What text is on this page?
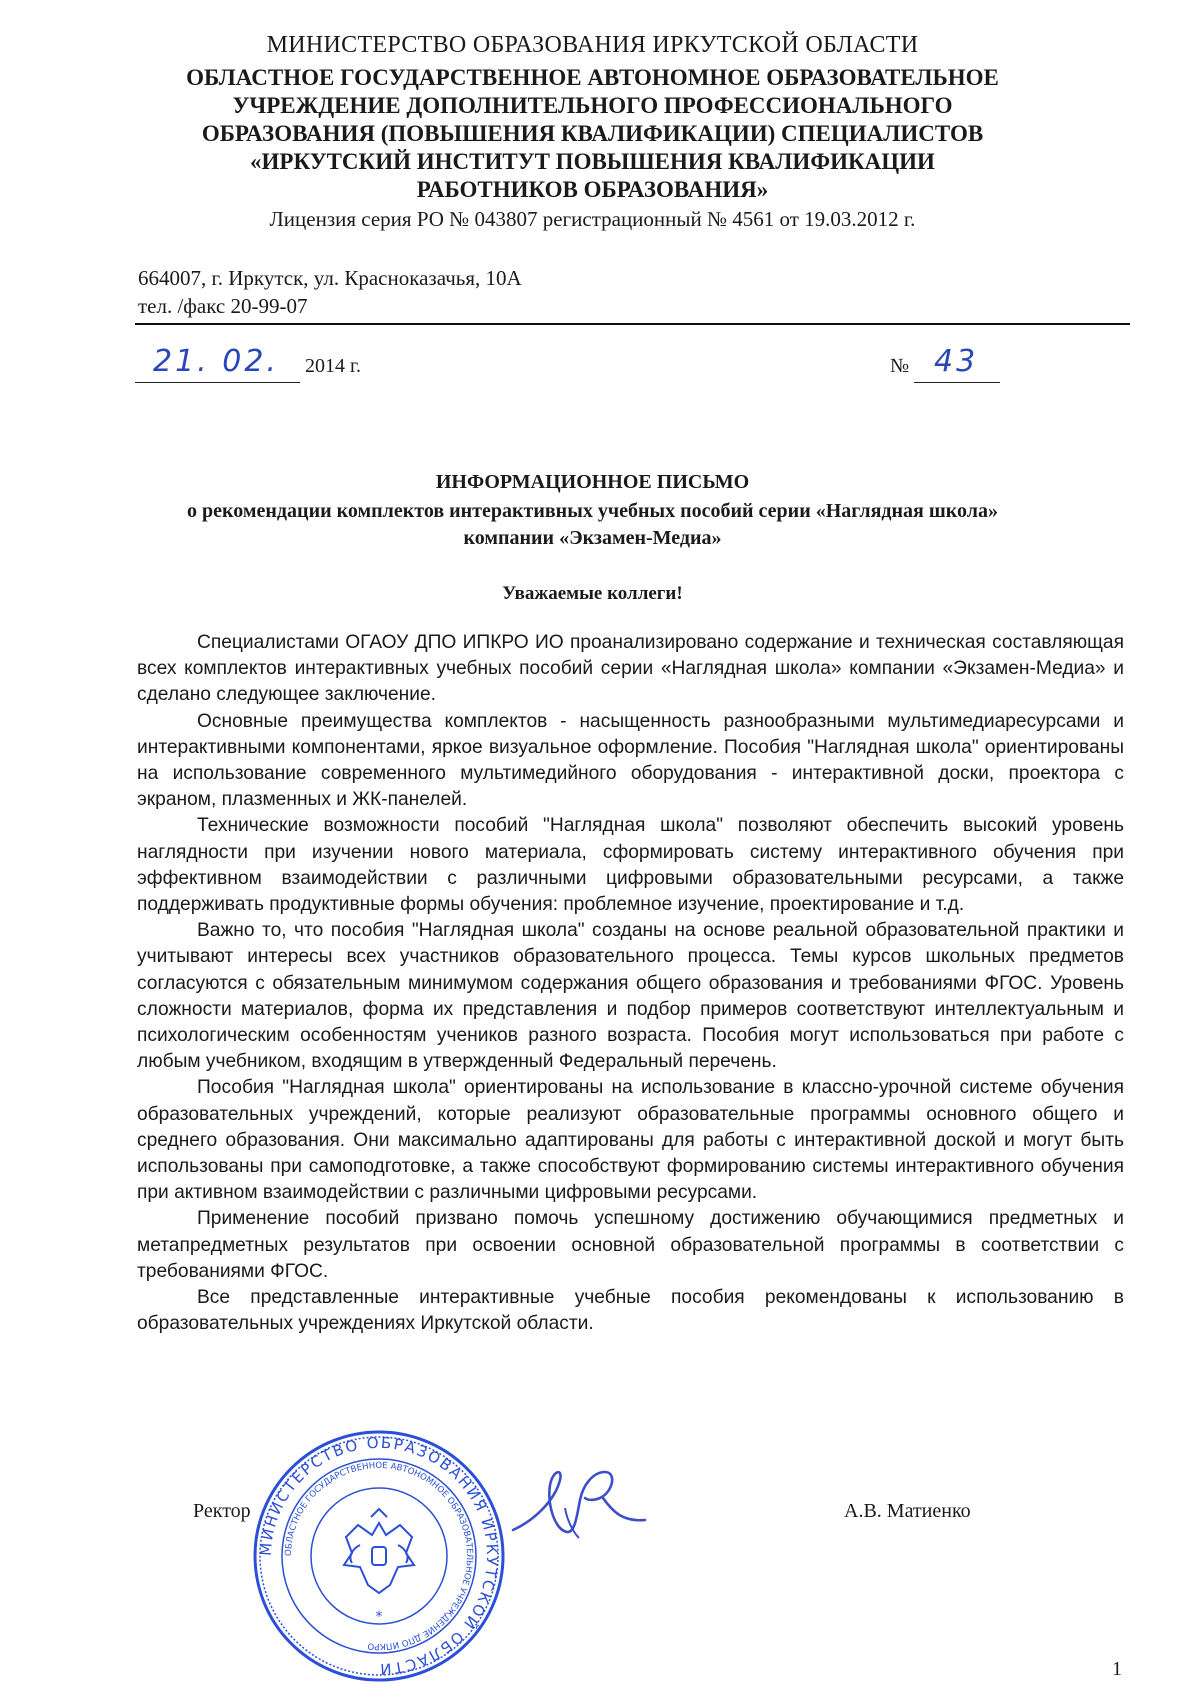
МИНИСТЕРСТВО ОБРАЗОВАНИЯ ИРКУТСКОЙ ОБЛАСТИ
ОБЛАСТНОЕ ГОСУДАРСТВЕННОЕ АВТОНОМНОЕ ОБРАЗОВАТЕЛЬНОЕ
УЧРЕЖДЕНИЕ ДОПОЛНИТЕЛЬНОГО ПРОФЕССИОНАЛЬНОГО
ОБРАЗОВАНИЯ (ПОВЫШЕНИЯ КВАЛИФИКАЦИИ) СПЕЦИАЛИСТОВ
«ИРКУТСКИЙ ИНСТИТУТ ПОВЫШЕНИЯ КВАЛИФИКАЦИИ
РАБОТНИКОВ ОБРАЗОВАНИЯ»
Лицензия серия РО № 043807 регистрационный № 4561 от 19.03.2012 г.
664007, г. Иркутск, ул. Красноказачья, 10А
тел. /факс 20-99-07
21. 02. 2014 г.	№ 43
ИНФОРМАЦИОННОЕ ПИСЬМО
о рекомендации комплектов интерактивных учебных пособий серии «Наглядная школа»
компании «Экзамен-Медиа»
Уважаемые коллеги!

Специалистами ОГАОУ ДПО ИПКРО ИО проанализировано содержание и техническая составляющая всех комплектов интерактивных учебных пособий серии «Наглядная школа» компании «Экзамен-Медиа» и сделано следующее заключение.

Основные преимущества комплектов - насыщенность разнообразными мультимедиаресурсами и интерактивными компонентами, яркое визуальное оформление. Пособия "Наглядная школа" ориентированы на использование современного мультимедийного оборудования - интерактивной доски, проектора с экраном, плазменных и ЖК-панелей.

Технические возможности пособий "Наглядная школа" позволяют обеспечить высокий уровень наглядности при изучении нового материала, сформировать систему интерактивного обучения при эффективном взаимодействии с различными цифровыми образовательными ресурсами, а также поддерживать продуктивные формы обучения: проблемное изучение, проектирование и т.д.

Важно то, что пособия "Наглядная школа" созданы на основе реальной образовательной практики и учитывают интересы всех участников образовательного процесса. Темы курсов школьных предметов согласуются с обязательным минимумом содержания общего образования и требованиями ФГОС. Уровень сложности материалов, форма их представления и подбор примеров соответствуют интеллектуальным и психологическим особенностям учеников разного возраста. Пособия могут использоваться при работе с любым учебником, входящим в утвержденный Федеральный перечень.

Пособия "Наглядная школа" ориентированы на использование в классно-урочной системе обучения образовательных учреждений, которые реализуют образовательные программы основного общего и среднего образования. Они максимально адаптированы для работы с интерактивной доской и могут быть использованы при самоподготовке, а также способствуют формированию системы интерактивного обучения при активном взаимодействии с различными цифровыми ресурсами.

Применение пособий призвано помочь успешному достижению обучающимися предметных и метапредметных результатов при освоении основной образовательной программы в соответствии с требованиями ФГОС.

Все представленные интерактивные учебные пособия рекомендованы к использованию в образовательных учреждениях Иркутской области.

Ректор	А.В. Матиенко
МИНИСТЕРСТВО ОБРАЗОВАНИЯ ИРКУТСКОЙ ОБЛАСТИ
ОБЛАСТНОЕ ГОСУДАРСТВЕННОЕ АВТОНОМНОЕ ОБРАЗОВАТЕЛЬНОЕ УЧРЕЖДЕНИЕ ДПО ИПКРО
*
1
